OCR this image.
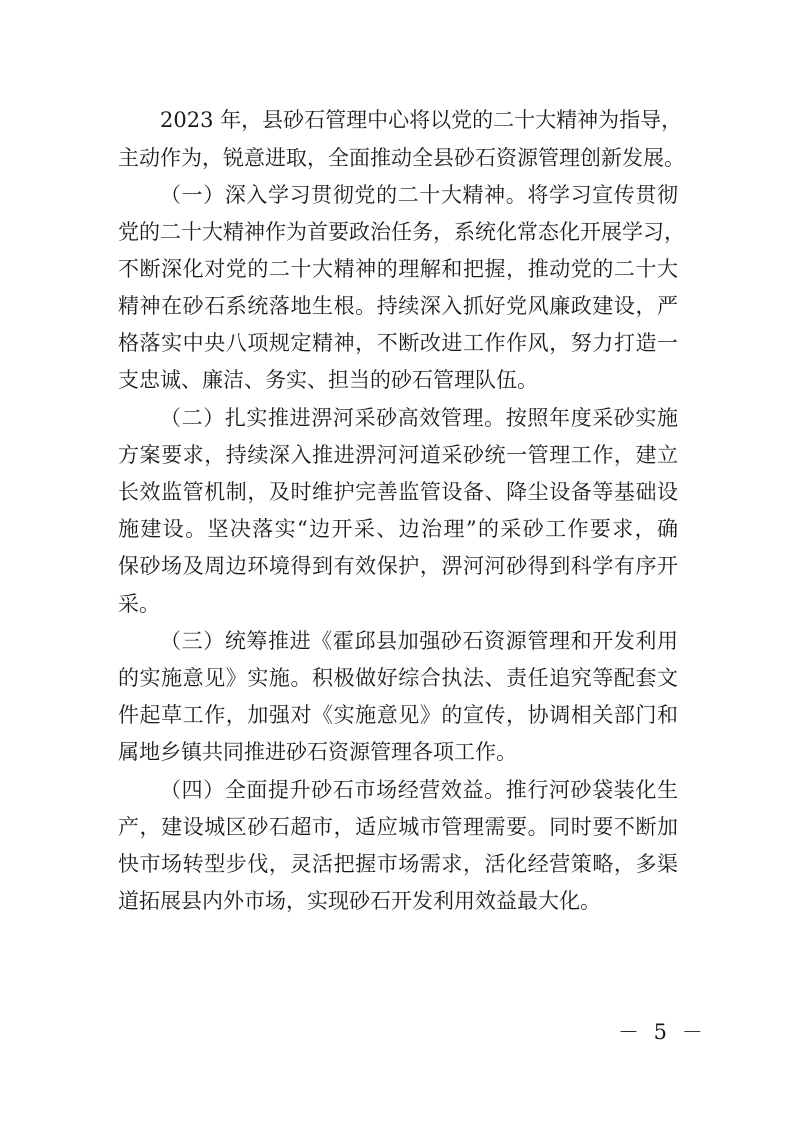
2023 年，县砂石管理中心将以党的二十大精神为指导，
主动作为，锐意进取，全面推动全县砂石资源管理创新发展。
（一）深入学习贯彻党的二十大精神。将学习宣传贯彻
党的二十大精神作为首要政治任务，系统化常态化开展学习，
不断深化对党的二十大精神的理解和把握，推动党的二十大
精神在砂石系统落地生根。持续深入抓好党风廉政建设，严
格落实中央八项规定精神，不断改进工作作风，努力打造一
支忠诚、廉洁、务实、担当的砂石管理队伍。
（二）扎实推进淠河采砂高效管理。按照年度采砂实施
方案要求，持续深入推进淠河河道采砂统一管理工作，建立
长效监管机制，及时维护完善监管设备、降尘设备等基础设
施建设。坚决落实“边开采、边治理”的采砂工作要求，确
保砂场及周边环境得到有效保护，淠河河砂得到科学有序开
采。
（三）统筹推进《霍邱县加强砂石资源管理和开发利用
的实施意见》实施。积极做好综合执法、责任追究等配套文
件起草工作，加强对《实施意见》的宣传，协调相关部门和
属地乡镇共同推进砂石资源管理各项工作。
（四）全面提升砂石市场经营效益。推行河砂袋装化生
产，建设城区砂石超市，适应城市管理需要。同时要不断加
快市场转型步伐，灵活把握市场需求，活化经营策略，多渠
道拓展县内外市场，实现砂石开发利用效益最大化。
－ 5 －
